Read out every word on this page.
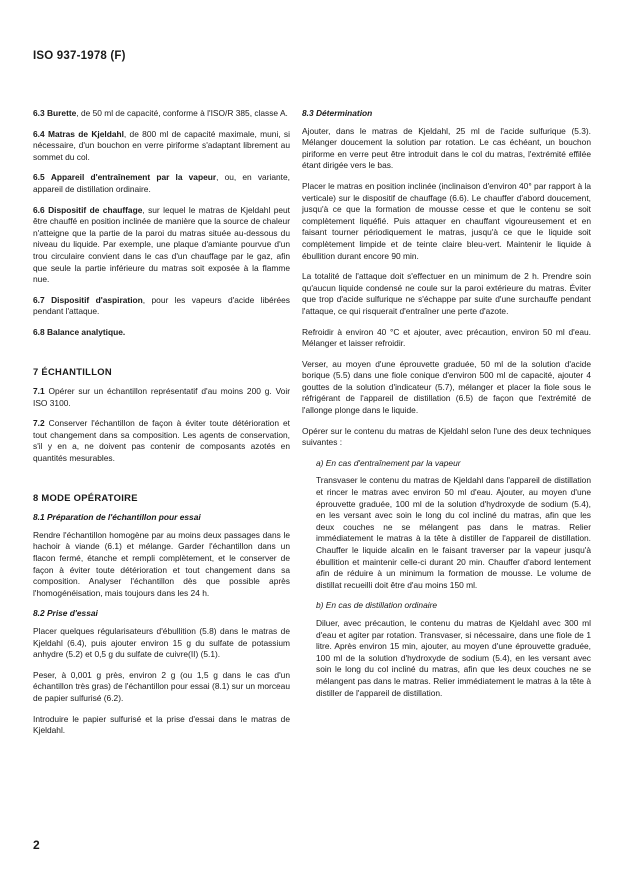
ISO 937-1978 (F)

6.3 Burette, de 50 ml de capacité, conforme à l'ISO/R 385, classe A.

6.4 Matras de Kjeldahl, de 800 ml de capacité maximale, muni, si nécessaire, d'un bouchon en verre piriforme s'adaptant librement au sommet du col.

6.5 Appareil d'entraînement par la vapeur, ou, en variante, appareil de distillation ordinaire.

6.6 Dispositif de chauffage, sur lequel le matras de Kjeldahl peut être chauffé en position inclinée de manière que la source de chaleur n'atteigne que la partie de la paroi du matras située au-dessous du niveau du liquide. Par exemple, une plaque d'amiante pourvue d'un trou circulaire convient dans le cas d'un chauffage par le gaz, afin que seule la partie inférieure du matras soit exposée à la flamme nue.

6.7 Dispositif d'aspiration, pour les vapeurs d'acide libérées pendant l'attaque.

6.8 Balance analytique.

7 ÉCHANTILLON

7.1 Opérer sur un échantillon représentatif d'au moins 200 g. Voir ISO 3100.

7.2 Conserver l'échantillon de façon à éviter toute détérioration et tout changement dans sa composition. Les agents de conservation, s'il y en a, ne doivent pas contenir de composants azotés en quantités mesurables.

8 MODE OPÉRATOIRE
8.1 Préparation de l'échantillon pour essai

Rendre l'échantillon homogène par au moins deux passages dans le hachoir à viande (6.1) et mélange. Garder l'échantillon dans un flacon fermé, étanche et rempli complètement, et le conserver de façon à éviter toute détérioration et tout changement dans sa composition. Analyser l'échantillon dès que possible après l'homogénéisation, mais toujours dans les 24 h.

8.2 Prise d'essai

Placer quelques régularisateurs d'ébullition (5.8) dans le matras de Kjeldahl (6.4), puis ajouter environ 15 g du sulfate de potassium anhydre (5.2) et 0,5 g du sulfate de cuivre(II) (5.1).

Peser, à 0,001 g près, environ 2 g (ou 1,5 g dans le cas d'un échantillon très gras) de l'échantillon pour essai (8.1) sur un morceau de papier sulfurisé (6.2).

Introduire le papier sulfurisé et la prise d'essai dans le matras de Kjeldahl.

8.3 Détermination

Ajouter, dans le matras de Kjeldahl, 25 ml de l'acide sulfurique (5.3). Mélanger doucement la solution par rotation. Le cas échéant, un bouchon piriforme en verre peut être introduit dans le col du matras, l'extrémité effilée étant dirigée vers le bas.

Placer le matras en position inclinée (inclinaison d'environ 40° par rapport à la verticale) sur le dispositif de chauffage (6.6). Le chauffer d'abord doucement, jusqu'à ce que la formation de mousse cesse et que le contenu se soit complètement liquéfié. Puis attaquer en chauffant vigoureusement et en faisant tourner périodiquement le matras, jusqu'à ce que le liquide soit complètement limpide et de teinte claire bleu-vert. Maintenir le liquide à ébullition durant encore 90 min.

La totalité de l'attaque doit s'effectuer en un minimum de 2 h. Prendre soin qu'aucun liquide condensé ne coule sur la paroi extérieure du matras. Éviter que trop d'acide sulfurique ne s'échappe par suite d'une surchauffe pendant l'attaque, ce qui risquerait d'entraîner une perte d'azote.

Refroidir à environ 40 °C et ajouter, avec précaution, environ 50 ml d'eau. Mélanger et laisser refroidir.

Verser, au moyen d'une éprouvette graduée, 50 ml de la solution d'acide borique (5.5) dans une fiole conique d'environ 500 ml de capacité, ajouter 4 gouttes de la solution d'indicateur (5.7), mélanger et placer la fiole sous le réfrigérant de l'appareil de distillation (6.5) de façon que l'extrémité de l'allonge plonge dans le liquide.

Opérer sur le contenu du matras de Kjeldahl selon l'une des deux techniques suivantes :

a) En cas d'entraînement par la vapeur

Transvaser le contenu du matras de Kjeldahl dans l'appareil de distillation et rincer le matras avec environ 50 ml d'eau. Ajouter, au moyen d'une éprouvette graduée, 100 ml de la solution d'hydroxyde de sodium (5.4), en les versant avec soin le long du col incliné du matras, afin que les deux couches ne se mélangent pas dans le matras. Relier immédiatement le matras à la tête à distiller de l'appareil de distillation. Chauffer le liquide alcalin en le faisant traverser par la vapeur jusqu'à ébullition et maintenir celle-ci durant 20 min. Chauffer d'abord lentement afin de réduire à un minimum la formation de mousse. Le volume de distillat recueilli doit être d'au moins 150 ml.

b) En cas de distillation ordinaire

Diluer, avec précaution, le contenu du matras de Kjeldahl avec 300 ml d'eau et agiter par rotation. Transvaser, si nécessaire, dans une fiole de 1 litre. Après environ 15 min, ajouter, au moyen d'une éprouvette graduée, 100 ml de la solution d'hydroxyde de sodium (5.4), en les versant avec soin le long du col incliné du matras, afin que les deux couches ne se mélangent pas dans le matras. Relier immédiatement le matras à la tête à distiller de l'appareil de distillation.

2
